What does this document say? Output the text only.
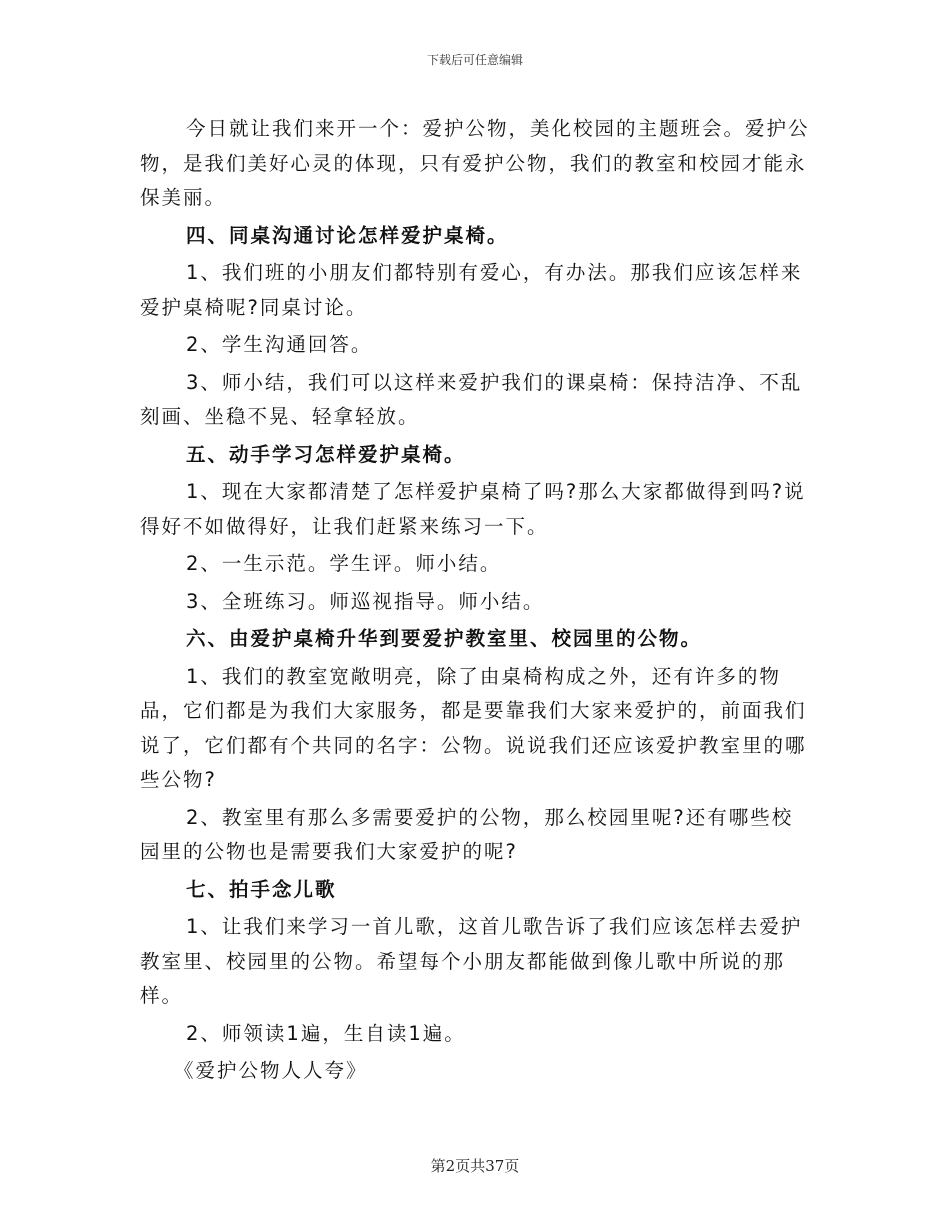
下载后可任意编辑

今日就让我们来开一个：爱护公物，美化校园的主题班会。爱护公物，是我们美好心灵的体现，只有爱护公物，我们的教室和校园才能永保美丽。

四、同桌沟通讨论怎样爱护桌椅。

1、我们班的小朋友们都特别有爱心，有办法。那我们应该怎样来爱护桌椅呢?同桌讨论。

2、学生沟通回答。

3、师小结，我们可以这样来爱护我们的课桌椅：保持洁净、不乱刻画、坐稳不晃、轻拿轻放。

五、动手学习怎样爱护桌椅。

1、现在大家都清楚了怎样爱护桌椅了吗?那么大家都做得到吗?说得好不如做得好，让我们赶紧来练习一下。

2、一生示范。学生评。师小结。

3、全班练习。师巡视指导。师小结。

六、由爱护桌椅升华到要爱护教室里、校园里的公物。

1、我们的教室宽敞明亮，除了由桌椅构成之外，还有许多的物品，它们都是为我们大家服务，都是要靠我们大家来爱护的，前面我们说了，它们都有个共同的名字：公物。说说我们还应该爱护教室里的哪些公物?

2、教室里有那么多需要爱护的公物，那么校园里呢?还有哪些校园里的公物也是需要我们大家爱护的呢?

七、拍手念儿歌

1、让我们来学习一首儿歌，这首儿歌告诉了我们应该怎样去爱护教室里、校园里的公物。希望每个小朋友都能做到像儿歌中所说的那样。

2、师领读1遍，生自读1遍。

《爱护公物人人夸》

第2页共37页
